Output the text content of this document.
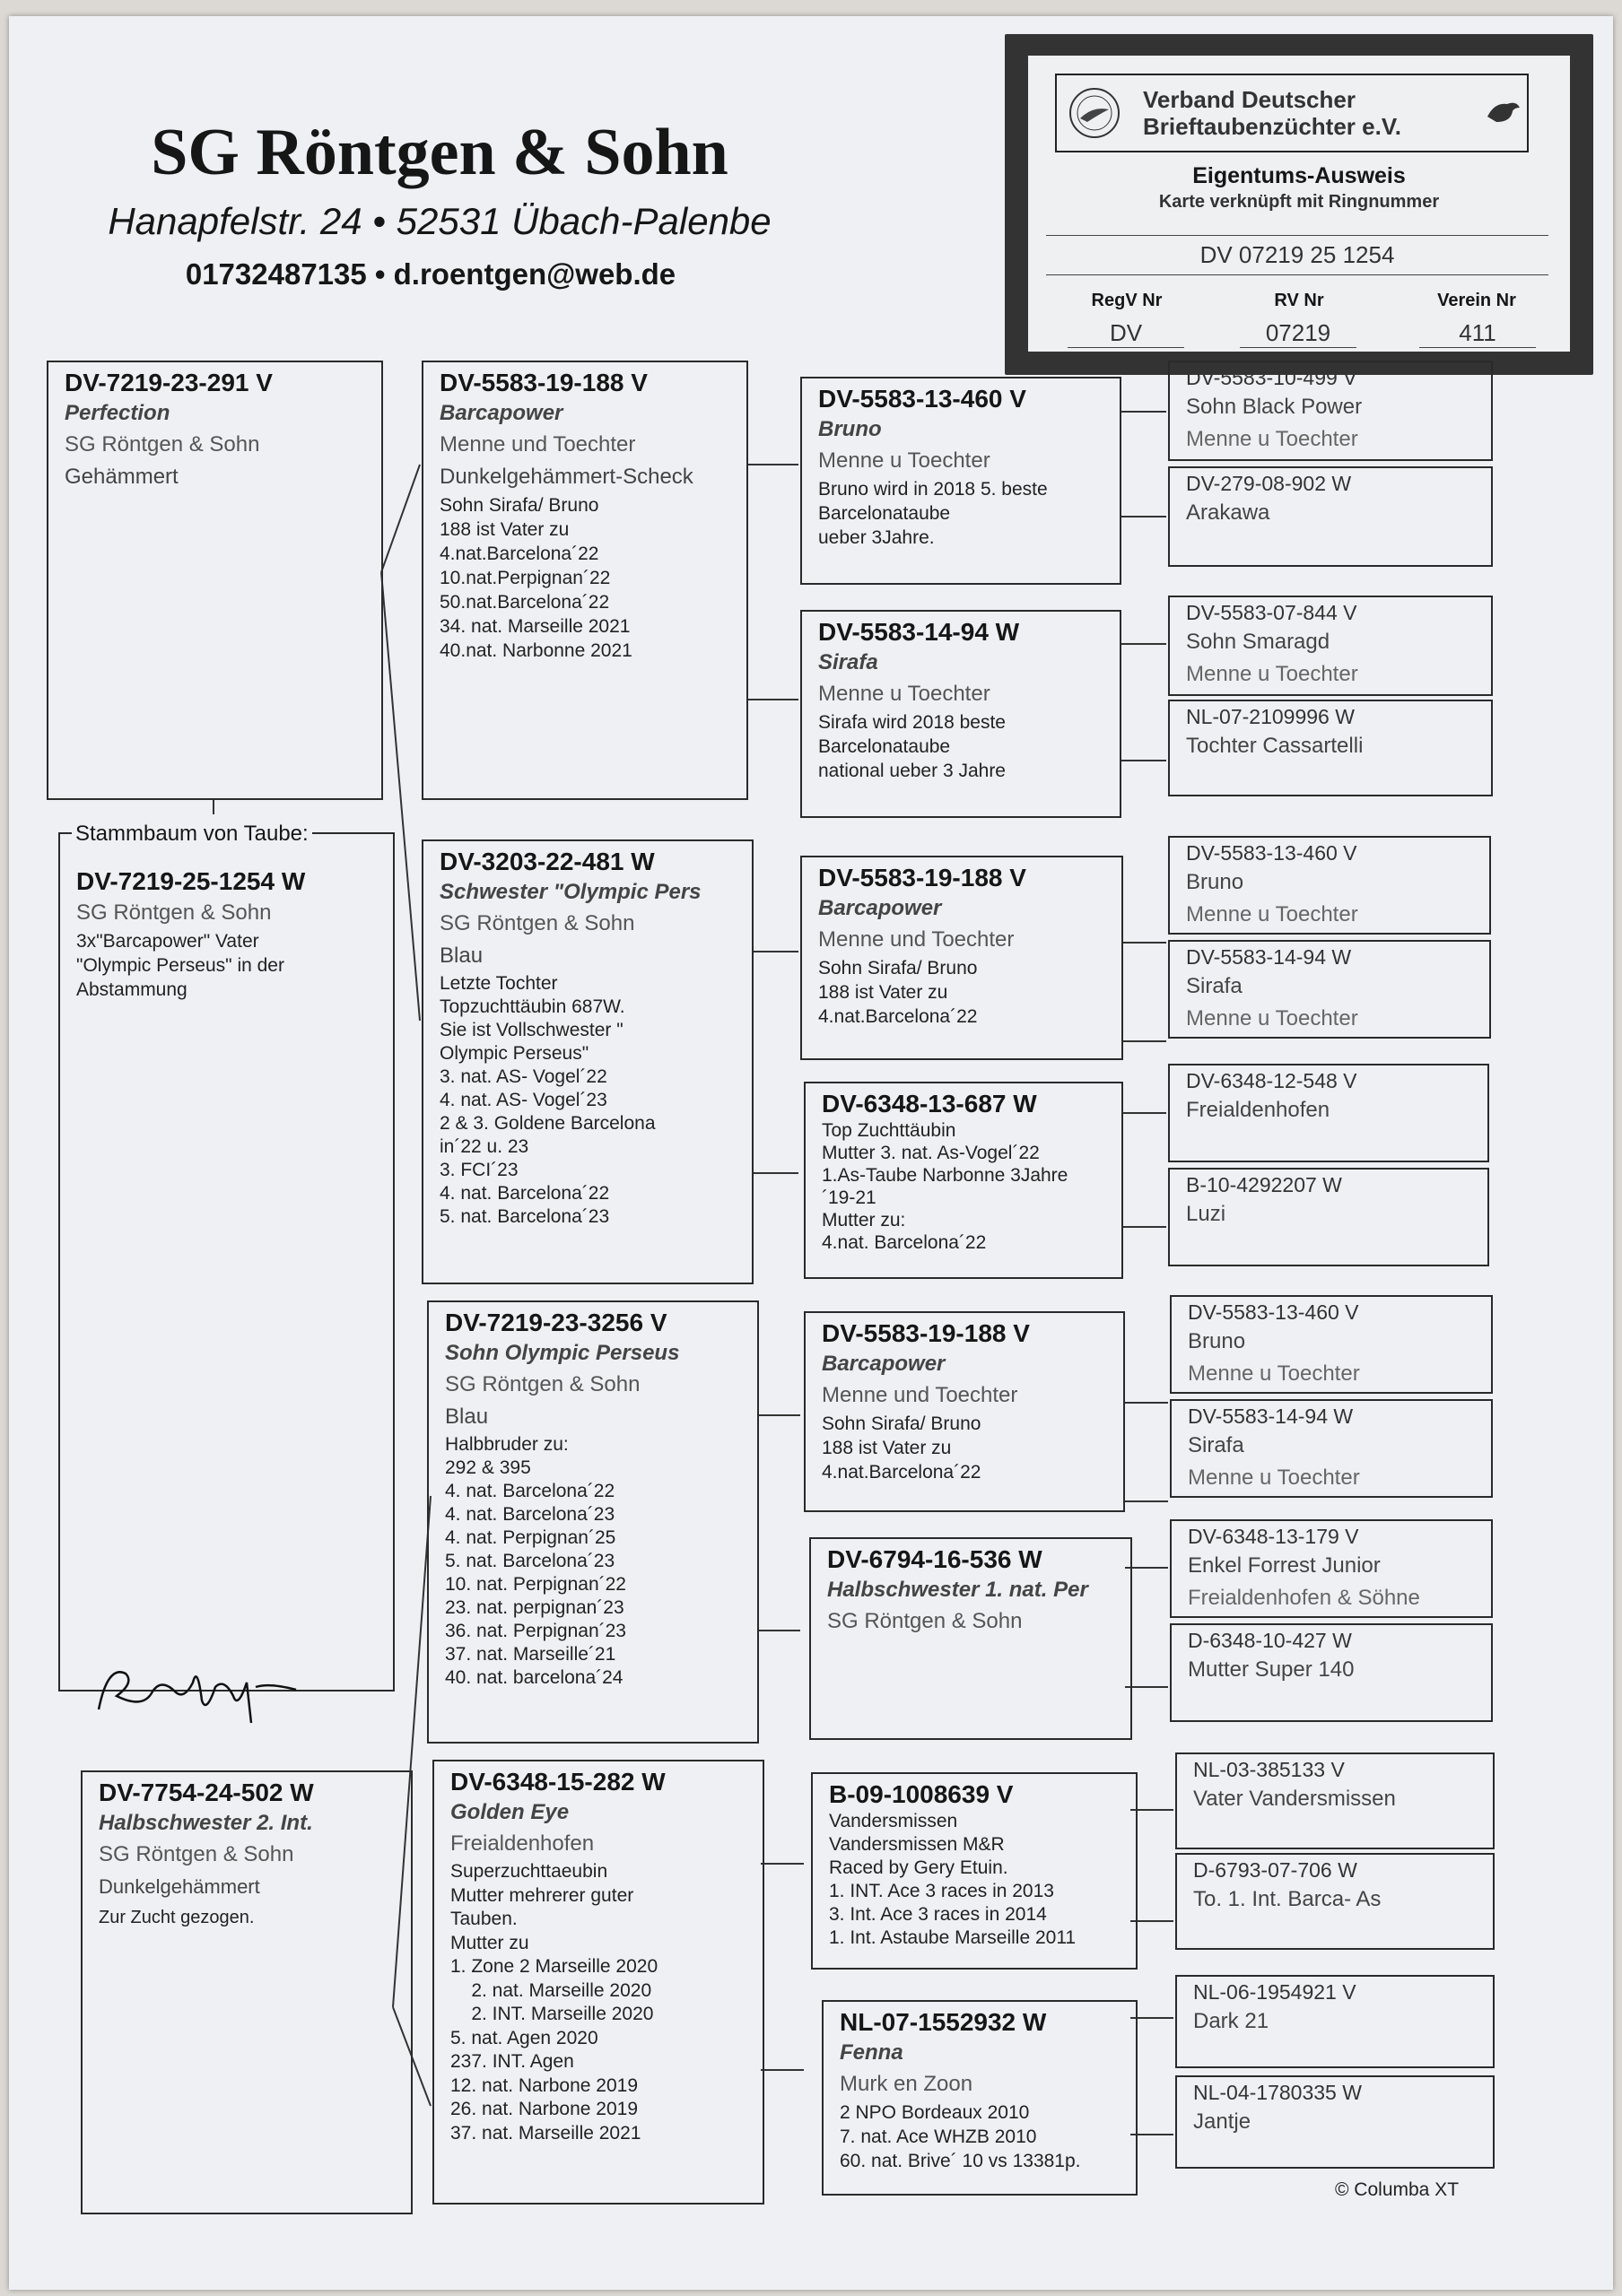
SG Röntgen & Sohn
Hanapfelstr. 24 • 52531 Übach-Palenbe
01732487135 • d.roentgen@web.de
Verband Deutscher Brieftaubenzüchter e.V.
Eigentums-Ausweis
Karte verknüpft mit Ringnummer
DV 07219 25 1254
RegV Nr	RV Nr	Verein Nr
DV	07219	411
DV-7219-23-291 V
Perfection
SG Röntgen & Sohn
Gehämmert
DV-7219-25-1254 W
SG Röntgen & Sohn
3x"Barcapower" Vater
"Olympic Perseus" in der
Abstammung
Stammbaum von Taube:
DV-7754-24-502 W
Halbschwester 2. Int.
SG Röntgen & Sohn
Dunkelgehämmert
Zur Zucht gezogen.
DV-5583-19-188 V
Barcapower
Menne und Toechter
Dunkelgehämmert-Scheck
Sohn Sirafa/ Bruno
188 ist Vater zu
4.nat.Barcelona´22
10.nat.Perpignan´22
50.nat.Barcelona´22
34. nat. Marseille 2021
40.nat. Narbonne 2021
DV-3203-22-481 W
Schwester "Olympic Pers
SG Röntgen & Sohn
Blau
Letzte Tochter
Topzuchttäubin 687W.
Sie ist Vollschwester "
Olympic Perseus"
3. nat. AS- Vogel´22
4. nat. AS- Vogel´23
2 & 3. Goldene Barcelona
in´22 u. 23
3. FCI´23
4. nat. Barcelona´22
5. nat. Barcelona´23
DV-7219-23-3256 V
Sohn Olympic Perseus
SG Röntgen & Sohn
Blau
Halbbruder zu:
292 & 395
4. nat. Barcelona´22
4. nat. Barcelona´23
4. nat. Perpignan´25
5. nat. Barcelona´23
10. nat. Perpignan´22
23. nat. perpignan´23
36. nat. Perpignan´23
37. nat. Marseille´21
40. nat. barcelona´24
DV-6348-15-282 W
Golden Eye
Freialdenhofen
Superzuchttaeubin
Mutter mehrerer guter
Tauben.
Mutter zu
1. Zone 2 Marseille 2020
2. nat. Marseille 2020
2. INT. Marseille 2020
5. nat. Agen 2020
237. INT. Agen
12. nat. Narbone 2019
26. nat. Narbone 2019
37. nat. Marseille 2021
DV-5583-13-460 V
Bruno
Menne u Toechter
Bruno wird in 2018 5. beste
Barcelonataube
ueber 3Jahre.
DV-5583-14-94 W
Sirafa
Menne u Toechter
Sirafa wird 2018 beste
Barcelonataube
national ueber 3 Jahre
DV-5583-19-188 V
Barcapower
Menne und Toechter
Sohn Sirafa/ Bruno
188 ist Vater zu
4.nat.Barcelona´22
DV-6348-13-687 W
Top Zuchttäubin
Mutter 3. nat. As-Vogel´22
1.As-Taube Narbonne 3Jahre
´19-21
Mutter zu:
4.nat. Barcelona´22
DV-5583-19-188 V
Barcapower
Menne und Toechter
Sohn Sirafa/ Bruno
188 ist Vater zu
4.nat.Barcelona´22
DV-6794-16-536 W
Halbschwester 1. nat. Per
SG Röntgen & Sohn
B-09-1008639 V
Vandersmissen
Vandersmissen M&R
Raced by Gery Etuin.
1. INT. Ace 3 races in 2013
3. Int. Ace 3 races in 2014
1. Int. Astaube Marseille 2011
NL-07-1552932 W
Fenna
Murk en Zoon
2 NPO Bordeaux 2010
7. nat. Ace WHZB 2010
60. nat. Brive´ 10 vs 13381p.
DV-5583-10-499 V
Sohn Black Power
Menne u Toechter
DV-279-08-902 W
Arakawa
DV-5583-07-844 V
Sohn Smaragd
Menne u Toechter
NL-07-2109996 W
Tochter Cassartelli
DV-5583-13-460 V
Bruno
Menne u Toechter
DV-5583-14-94 W
Sirafa
Menne u Toechter
DV-6348-12-548 V
Freialdenhofen
B-10-4292207 W
Luzi
DV-5583-13-460 V
Bruno
Menne u Toechter
DV-5583-14-94 W
Sirafa
Menne u Toechter
DV-6348-13-179 V
Enkel Forrest Junior
Freialdenhofen & Söhne
D-6348-10-427 W
Mutter Super 140
NL-03-385133 V
Vater Vandersmissen
D-6793-07-706 W
To. 1. Int. Barca- As
NL-06-1954921 V
Dark 21
NL-04-1780335 W
Jantje
© Columba XT
